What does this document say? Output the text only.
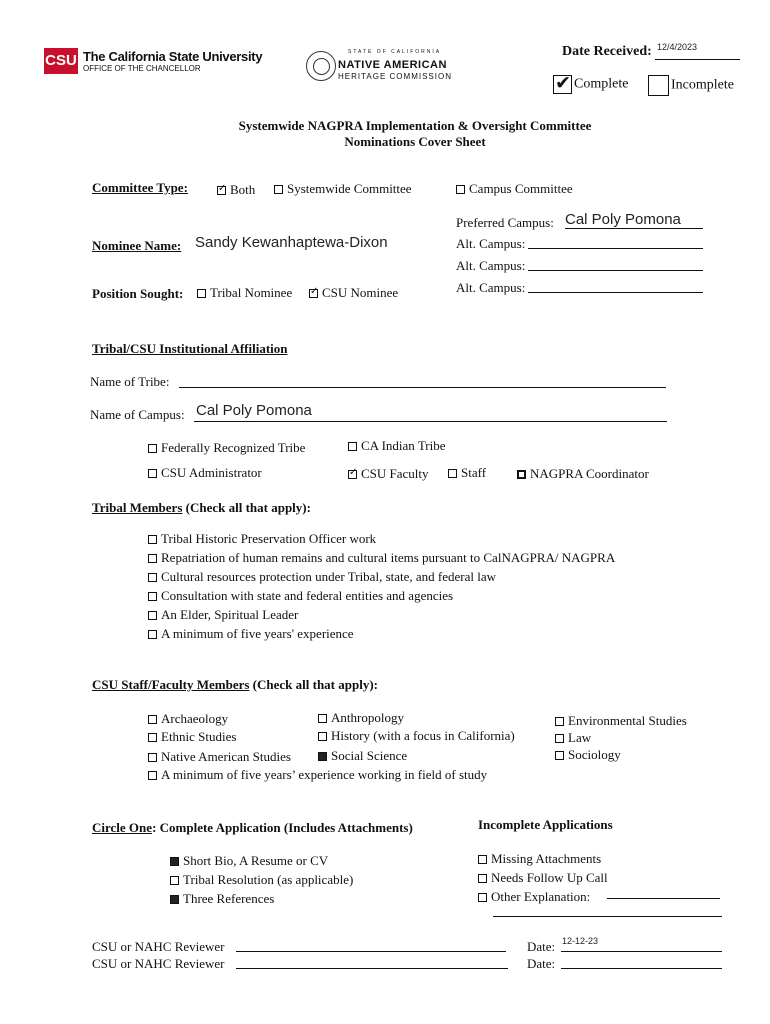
CSU The California State University
OFFICE OF THE CHANCELLOR
STATE OF CALIFORNIA
NATIVE AMERICAN
HERITAGE COMMISSION
Date Received: 12/4/2023
✔Complete	Incomplete
Systemwide NAGPRA Implementation & Oversight Committee
Nominations Cover Sheet
Committee Type: ✓	Both	Systemwide Committee	Campus Committee
Preferred Campus: Cal Poly Pomona
Alt. Campus:
Alt. Campus:
Alt. Campus:
Nominee Name: Sandy Kewanhaptewa-Dixon
Position Sought:	Tribal Nominee ✓	CSU Nominee
Tribal/CSU Institutional Affiliation
Name of Tribe:
Name of Campus: Cal Poly Pomona
Federally Recognized Tribe	CA Indian Tribe
CSU Administrator ✓	CSU Faculty	Staff	NAGPRA Coordinator
Tribal Members (Check all that apply):
Tribal Historic Preservation Officer work
Repatriation of human remains and cultural items pursuant to CalNAGPRA/ NAGPRA
Cultural resources protection under Tribal, state, and federal law
Consultation with state and federal entities and agencies
An Elder, Spiritual Leader
A minimum of five years' experience
CSU Staff/Faculty Members (Check all that apply):
Archaeology	Anthropology	Environmental Studies
Ethnic Studies	History (with a focus in California)	Law
Native American Studies	Social Science	Sociology
A minimum of five years’ experience working in field of study
Circle One: Complete Application (Includes Attachments)	Incomplete Applications
Short Bio, A Resume or CV
Tribal Resolution (as applicable)
Three References
Missing Attachments
Needs Follow Up Call
Other Explanation:
CSU or NAHC Reviewer	Date: 12-12-23
CSU or NAHC Reviewer	Date:
